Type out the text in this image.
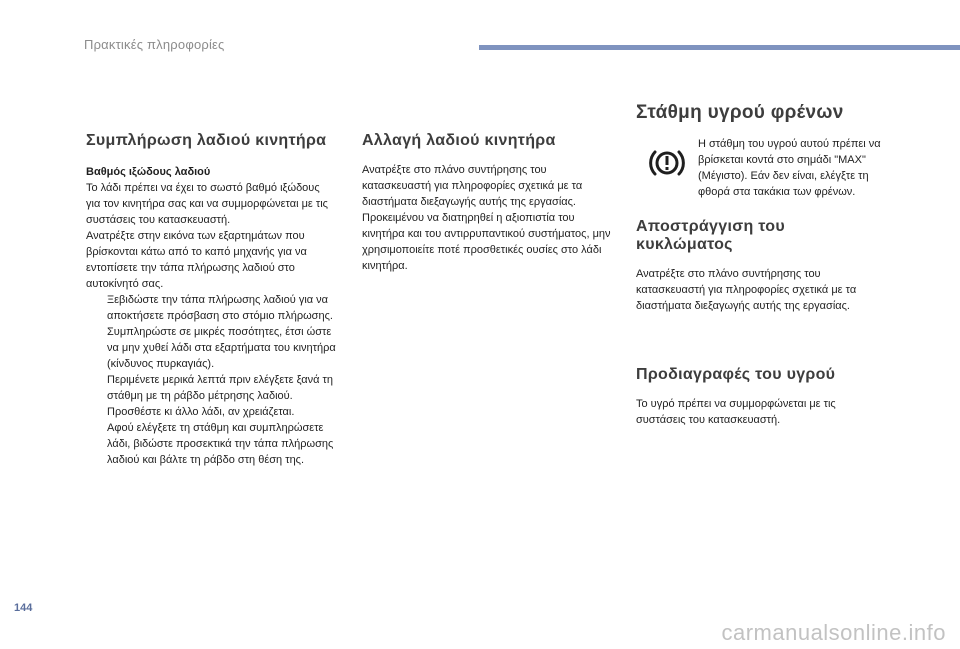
Πρακτικές πληροφορίες
Συμπλήρωση λαδιού κινητήρα
Βαθμός ιξώδους λαδιού

Το λάδι πρέπει να έχει το σωστό βαθμό ιξώδους για τον κινητήρα σας και να συμμορφώνεται με τις συστάσεις του κατασκευαστή.

Ανατρέξτε στην εικόνα των εξαρτημάτων που βρίσκονται κάτω από το καπό μηχανής για να εντοπίσετε την τάπα πλήρωσης λαδιού στο αυτοκίνητό σας.

Ξεβιδώστε την τάπα πλήρωσης λαδιού για να αποκτήσετε πρόσβαση στο στόμιο πλήρωσης.
Συμπληρώστε σε μικρές ποσότητες, έτσι ώστε να μην χυθεί λάδι στα εξαρτήματα του κινητήρα (κίνδυνος πυρκαγιάς).
Περιμένετε μερικά λεπτά πριν ελέγξετε ξανά τη στάθμη με τη ράβδο μέτρησης λαδιού.
Προσθέστε κι άλλο λάδι, αν χρειάζεται.
Αφού ελέγξετε τη στάθμη και συμπληρώσετε λάδι, βιδώστε προσεκτικά την τάπα πλήρωσης λαδιού και βάλτε τη ράβδο στη θέση της.
Αλλαγή λαδιού κινητήρα

Ανατρέξτε στο πλάνο συντήρησης του κατασκευαστή για πληροφορίες σχετικά με τα διαστήματα διεξαγωγής αυτής της εργασίας.

Προκειμένου να διατηρηθεί η αξιοπιστία του κινητήρα και του αντιρρυπαντικού συστήματος, μην χρησιμοποιείτε ποτέ προσθετικές ουσίες στο λάδι κινητήρα.

Στάθμη υγρού φρένων

Η στάθμη του υγρού αυτού πρέπει να βρίσκεται κοντά στο σημάδι "MAX" (Μέγιστο). Εάν δεν είναι, ελέγξτε τη φθορά στα τακάκια των φρένων.

Αποστράγγιση του κυκλώματος

Ανατρέξτε στο πλάνο συντήρησης του κατασκευαστή για πληροφορίες σχετικά με τα διαστήματα διεξαγωγής αυτής της εργασίας.

Προδιαγραφές του υγρού

Το υγρό πρέπει να συμμορφώνεται με τις συστάσεις του κατασκευαστή.

144
carmanualsonline.info
